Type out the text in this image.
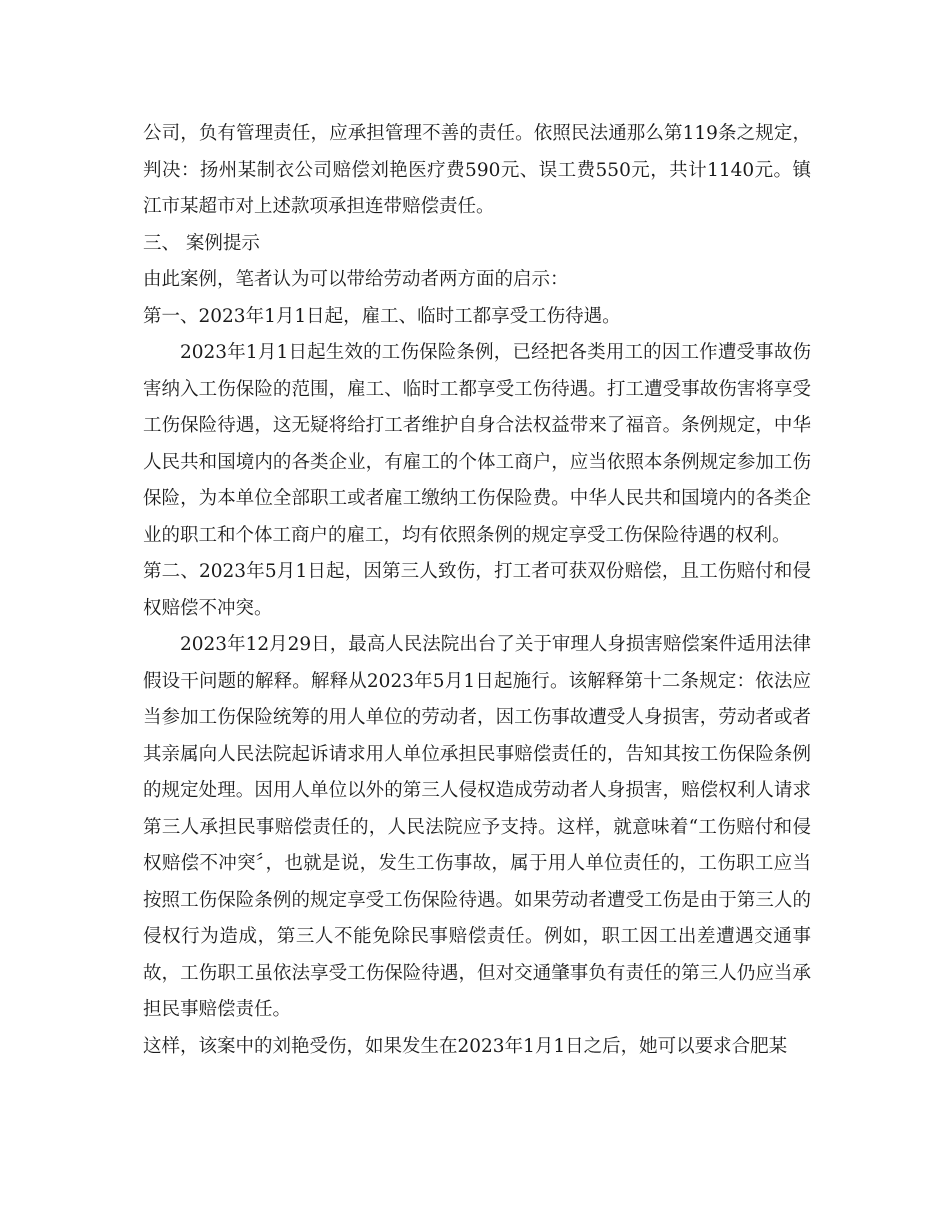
公司，负有管理责任，应承担管理不善的责任。依照民法通那么第119条之规定，判决：扬州某制衣公司赔偿刘艳医疗费590元、误工费550元，共计1140元。镇江市某超市对上述款项承担连带赔偿责任。

三、 案例提示

由此案例，笔者认为可以带给劳动者两方面的启示：

第一、2023年1月1日起，雇工、临时工都享受工伤待遇。

2023年1月1日起生效的工伤保险条例，已经把各类用工的因工作遭受事故伤害纳入工伤保险的范围，雇工、临时工都享受工伤待遇。打工遭受事故伤害将享受工伤保险待遇，这无疑将给打工者维护自身合法权益带来了福音。条例规定，中华人民共和国境内的各类企业，有雇工的个体工商户，应当依照本条例规定参加工伤保险，为本单位全部职工或者雇工缴纳工伤保险费。中华人民共和国境内的各类企业的职工和个体工商户的雇工，均有依照条例的规定享受工伤保险待遇的权利。

第二、2023年5月1日起，因第三人致伤，打工者可获双份赔偿，且工伤赔付和侵权赔偿不冲突。

2023年12月29日，最高人民法院出台了关于审理人身损害赔偿案件适用法律假设干问题的解释。解释从2023年5月1日起施行。该解释第十二条规定：依法应当参加工伤保险统筹的用人单位的劳动者，因工伤事故遭受人身损害，劳动者或者其亲属向人民法院起诉请求用人单位承担民事赔偿责任的，告知其按工伤保险条例的规定处理。因用人单位以外的第三人侵权造成劳动者人身损害，赔偿权利人请求第三人承担民事赔偿责任的，人民法院应予支持。这样，就意味着“工伤赔付和侵权赔偿不冲突〞，也就是说，发生工伤事故，属于用人单位责任的，工伤职工应当按照工伤保险条例的规定享受工伤保险待遇。如果劳动者遭受工伤是由于第三人的侵权行为造成，第三人不能免除民事赔偿责任。例如，职工因工出差遭遇交通事故，工伤职工虽依法享受工伤保险待遇，但对交通肇事负有责任的第三人仍应当承担民事赔偿责任。

这样，该案中的刘艳受伤，如果发生在2023年1月1日之后，她可以要求合肥某
